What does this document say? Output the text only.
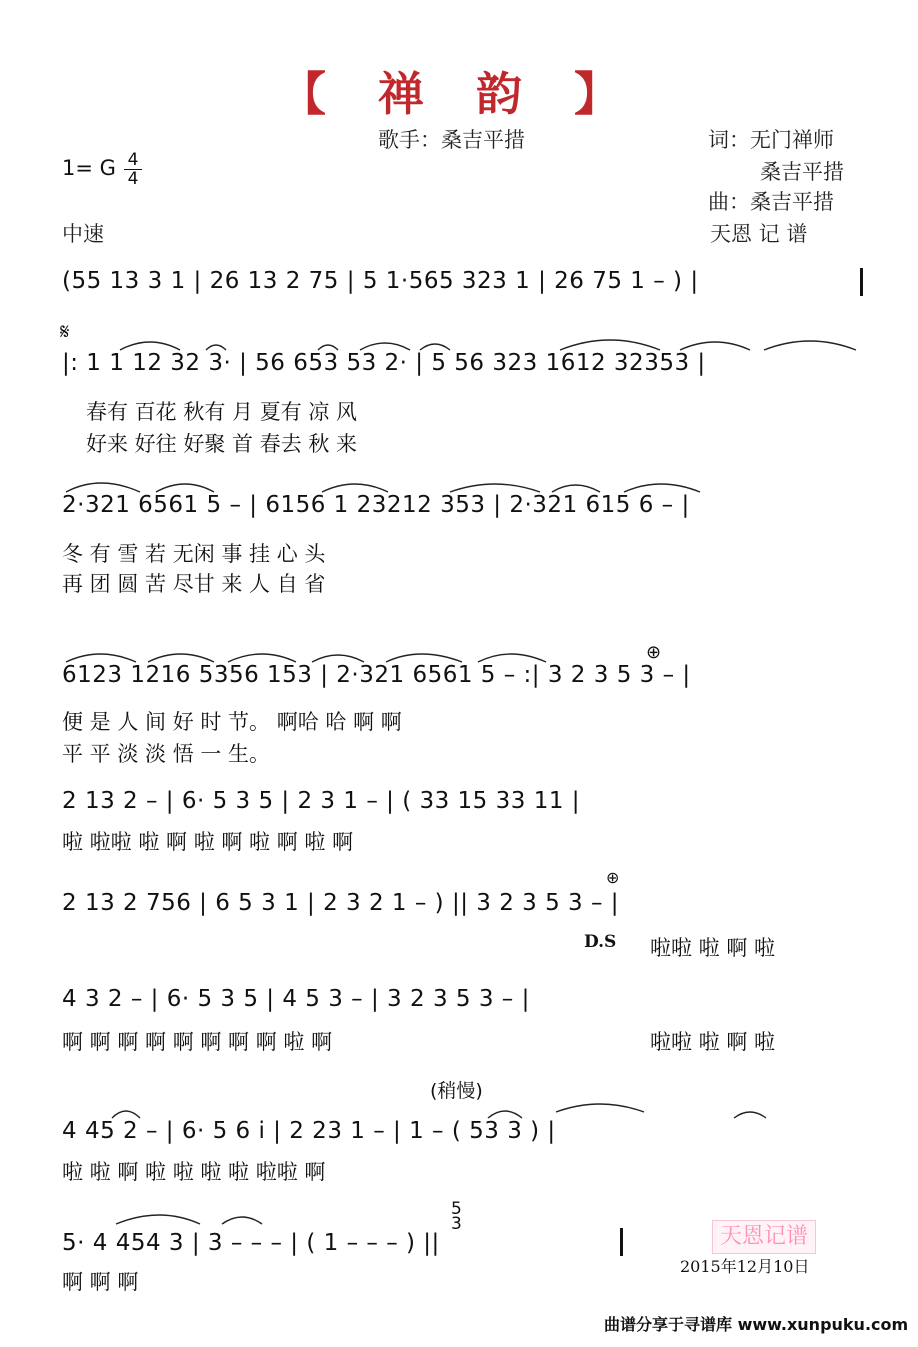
【 禅 韵 】
歌手：桑吉平措	词：无门禅师
桑吉平措
曲：桑吉平措
天恩 记 谱
1= G $\frac{4}{4}$
中速
(55 13 3 1 | 26 13 2 75 | 5 1·565 323 1 | 26 75 1 – ) |
𝄋
|: 1 1 12 32 3· | 56 653 53 2· | 5 56 323 1612 32353 |
春有 百花 秋有 月 夏有 凉 风
好来 好往 好聚 首 春去 秋 来
2·321 6561 5 – | 6156 1 23212 353 | 2·321 615 6 – |
冬 有 雪 若 无闲 事 挂 心 头
再 团 圆 苦 尽甘 来 人 自 省
⊕
6123 1216 5356 153 | 2·321 6561 5 – :| 3 2 3 5 3 – |
便 是 人 间 好 时 节。 啊哈 哈 啊 啊
平 平 淡 淡 悟 一 生。
2 13 2 – | 6· 5 3 5 | 2 3 1 – | ( 33 15 33 11 |
啦 啦啦 啦 啊 啦 啊 啦 啊 啦 啊
⊕
2 13 2 756 | 6 5 3 1 | 2 3 2 1 – ) || 3 2 3 5 3 – |
D.S 啦啦 啦 啊 啦
4 3 2 – | 6· 5 3 5 | 4 5 3 – | 3 2 3 5 3 – |
啊 啊 啊 啊 啊 啊 啊 啊 啦 啊	啦啦 啦 啊 啦
(稍慢)
4 45 2 – | 6· 5 6 i | 2 23 1 – | 1 – ( 53 3 ) |
啦 啦 啊 啦 啦 啦 啦 啦啦 啊
5
3
5· 4 454 3 | 3 – – – | ( 1 – – – ) ||
啊 啊 啊
天恩记谱
2015年12月10日
曲谱分享于寻谱库 www.xunpuku.com
